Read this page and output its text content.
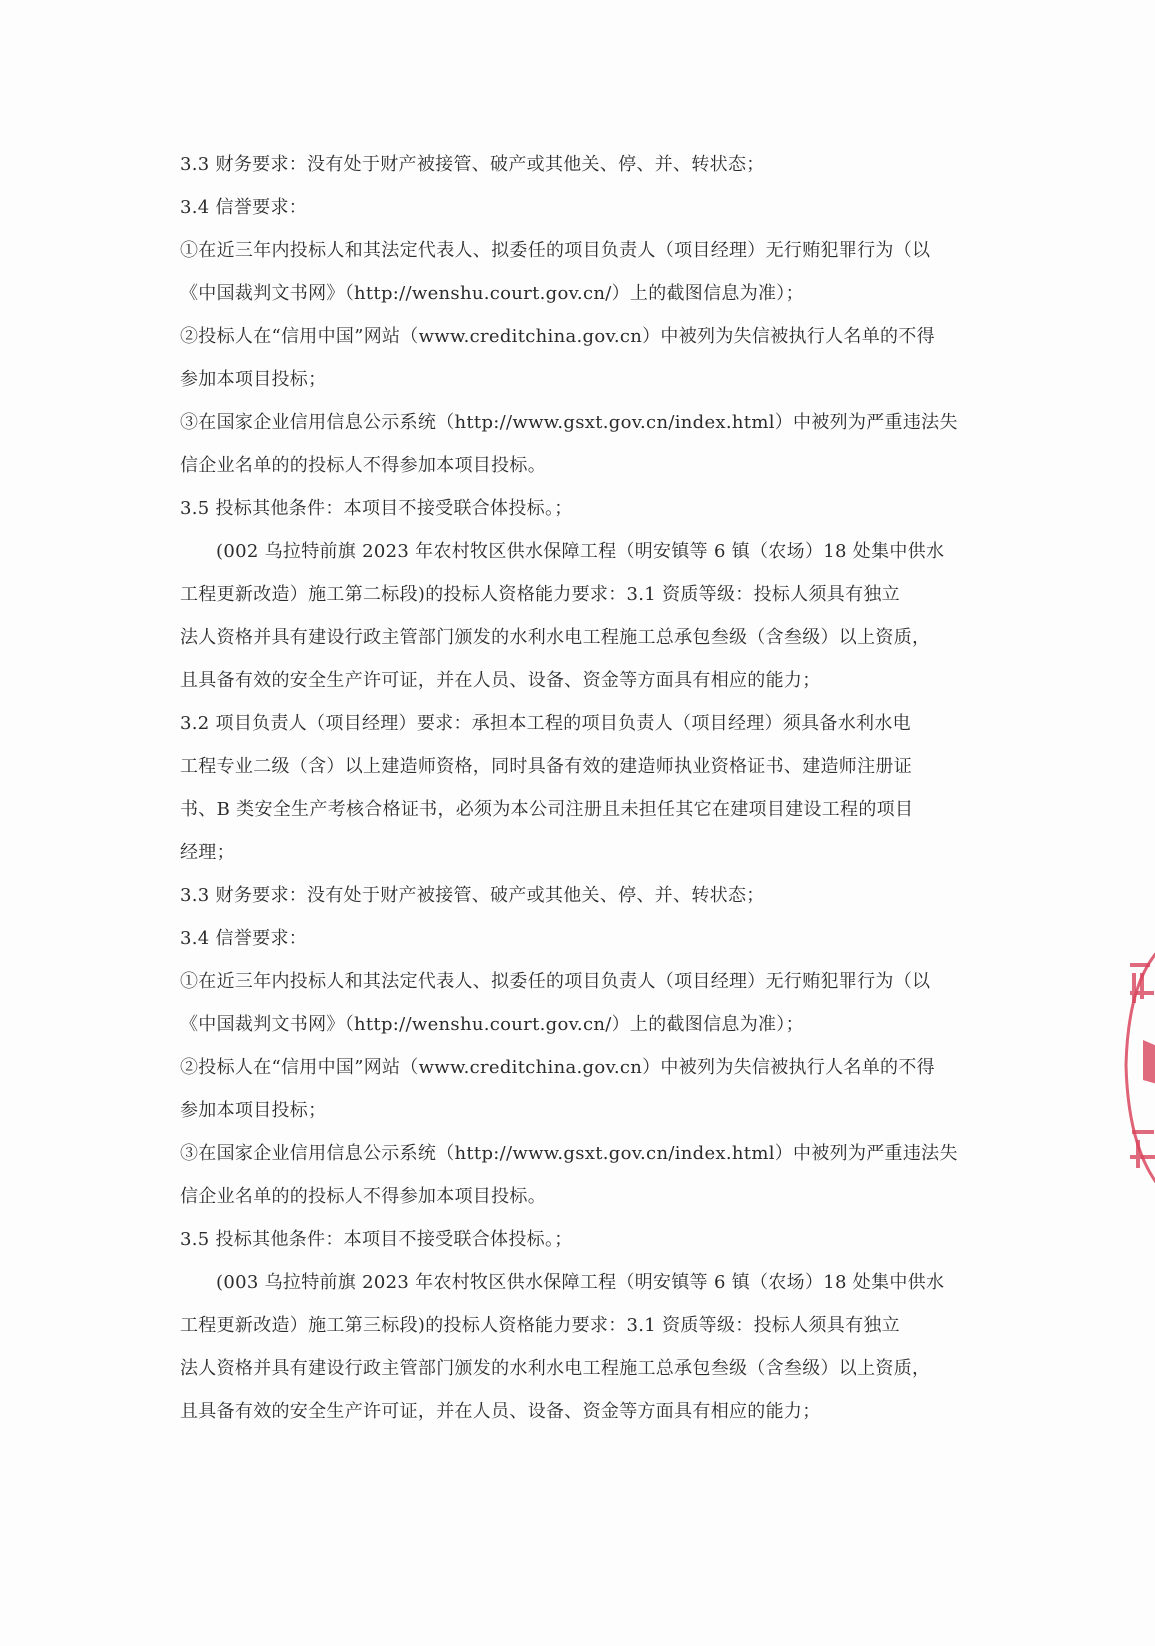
3.3 财务要求：没有处于财产被接管、破产或其他关、停、并、转状态；
3.4 信誉要求：
①在近三年内投标人和其法定代表人、拟委任的项目负责人（项目经理）无行贿犯罪行为（以
《中国裁判文书网》（http://wenshu.court.gov.cn/）上的截图信息为准）；
②投标人在“信用中国”网站（www.creditchina.gov.cn）中被列为失信被执行人名单的不得
参加本项目投标；
③在国家企业信用信息公示系统（http://www.gsxt.gov.cn/index.html）中被列为严重违法失
信企业名单的的投标人不得参加本项目投标。
3.5 投标其他条件：本项目不接受联合体投标。；
(002 乌拉特前旗 2023 年农村牧区供水保障工程（明安镇等 6 镇（农场）18 处集中供水
工程更新改造）施工第二标段)的投标人资格能力要求：3.1 资质等级：投标人须具有独立
法人资格并具有建设行政主管部门颁发的水利水电工程施工总承包叁级（含叁级）以上资质，
且具备有效的安全生产许可证，并在人员、设备、资金等方面具有相应的能力；
3.2 项目负责人（项目经理）要求：承担本工程的项目负责人（项目经理）须具备水利水电
工程专业二级（含）以上建造师资格，同时具备有效的建造师执业资格证书、建造师注册证
书、B 类安全生产考核合格证书，必须为本公司注册且未担任其它在建项目建设工程的项目
经理；
3.3 财务要求：没有处于财产被接管、破产或其他关、停、并、转状态；
3.4 信誉要求：
①在近三年内投标人和其法定代表人、拟委任的项目负责人（项目经理）无行贿犯罪行为（以
《中国裁判文书网》（http://wenshu.court.gov.cn/）上的截图信息为准）；
②投标人在“信用中国”网站（www.creditchina.gov.cn）中被列为失信被执行人名单的不得
参加本项目投标；
③在国家企业信用信息公示系统（http://www.gsxt.gov.cn/index.html）中被列为严重违法失
信企业名单的的投标人不得参加本项目投标。
3.5 投标其他条件：本项目不接受联合体投标。；
(003 乌拉特前旗 2023 年农村牧区供水保障工程（明安镇等 6 镇（农场）18 处集中供水
工程更新改造）施工第三标段)的投标人资格能力要求：3.1 资质等级：投标人须具有独立
法人资格并具有建设行政主管部门颁发的水利水电工程施工总承包叁级（含叁级）以上资质，
且具备有效的安全生产许可证，并在人员、设备、资金等方面具有相应的能力；
